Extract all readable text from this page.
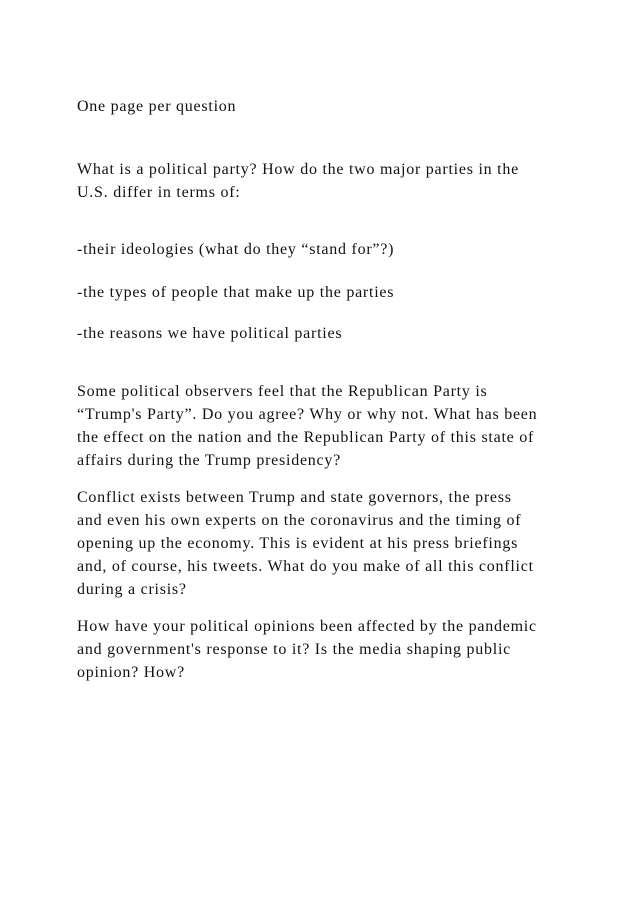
One page per question

What is a political party? How do the two major parties in the

U.S. differ in terms of:

-their ideologies (what do they “stand for”?)

-the types of people that make up the parties

-the reasons we have political parties

Some political observers feel that the Republican Party is

“Trump's Party”. Do you agree? Why or why not. What has been

the effect on the nation and the Republican Party of this state of

affairs during the Trump presidency?

Conflict exists between Trump and state governors, the press

and even his own experts on the coronavirus and the timing of

opening up the economy. This is evident at his press briefings

and, of course, his tweets. What do you make of all this conflict

during a crisis?

How have your political opinions been affected by the pandemic

and government's response to it? Is the media shaping public

opinion? How?
